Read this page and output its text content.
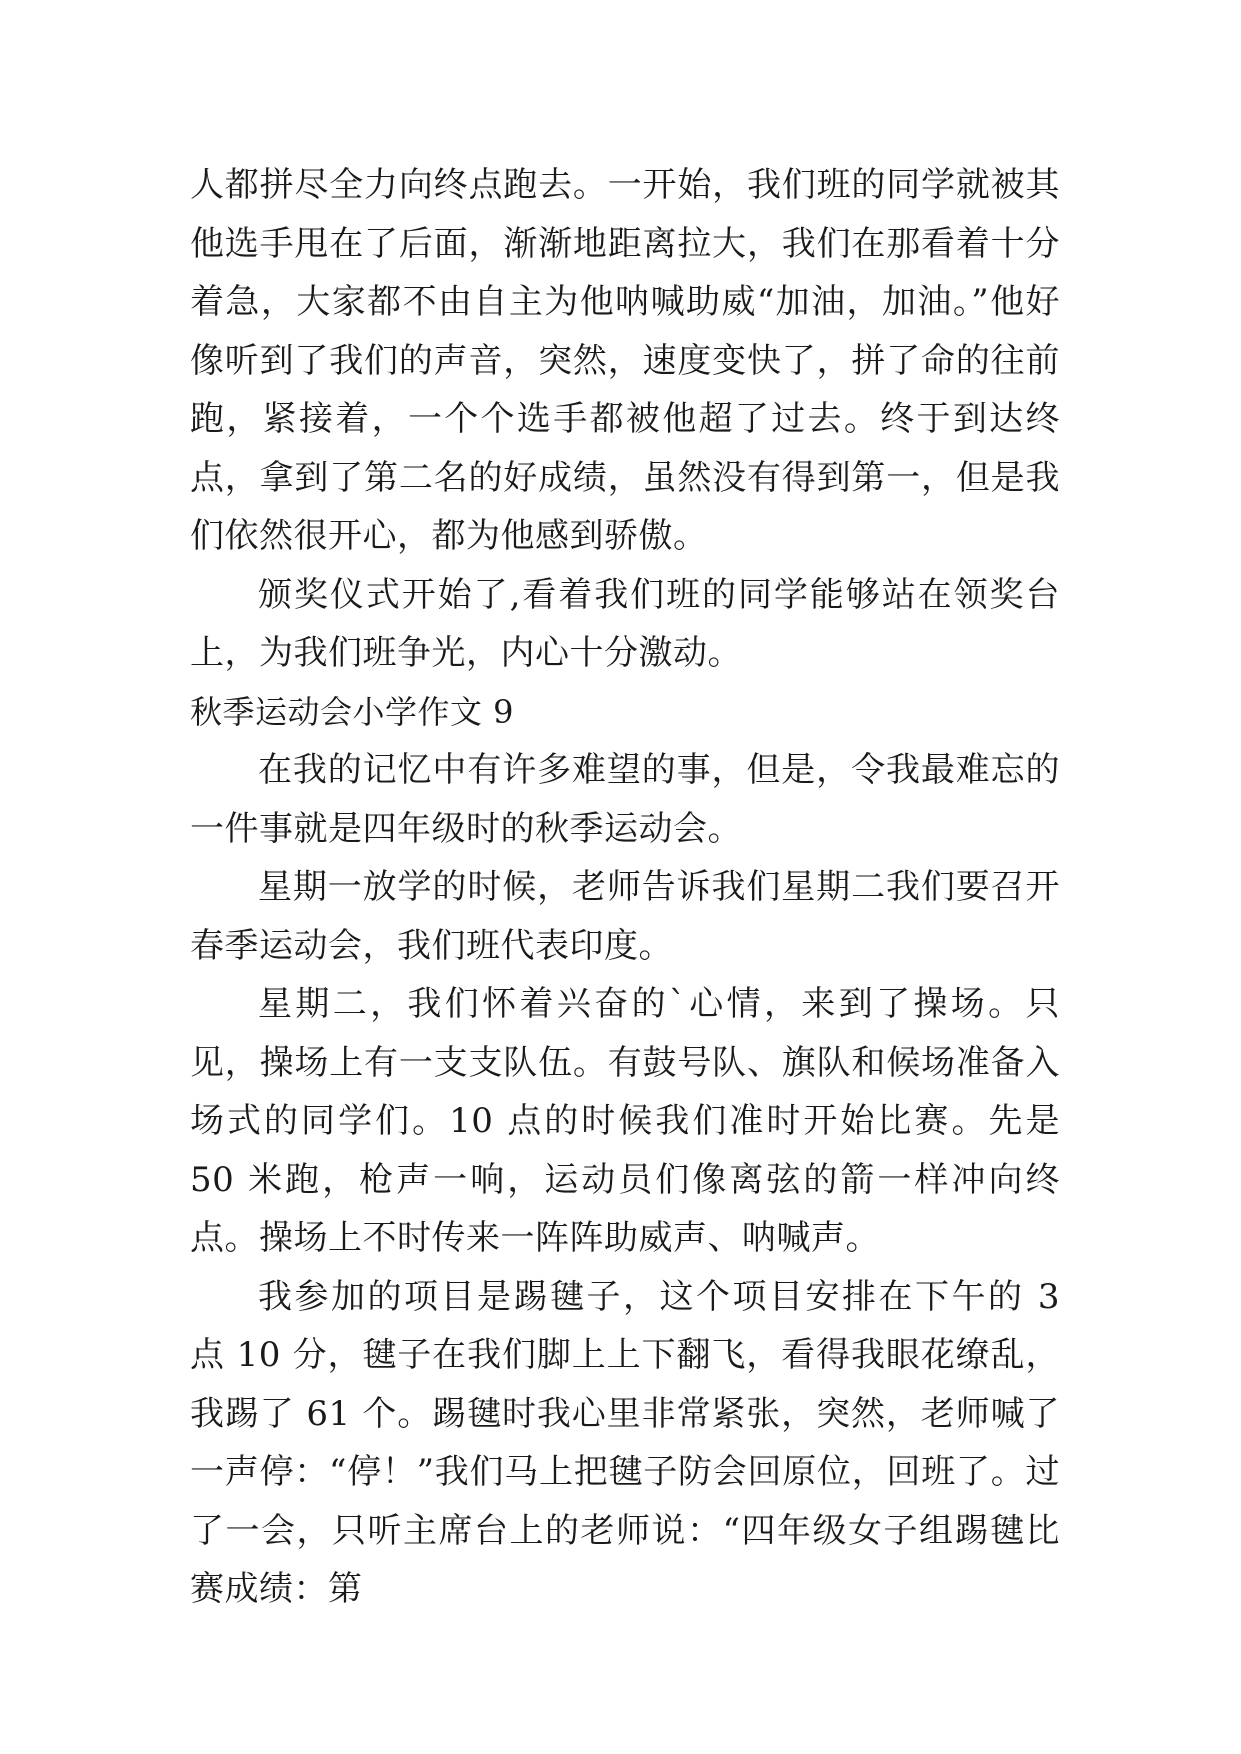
人都拼尽全力向终点跑去。一开始，我们班的同学就被其他选手甩在了后面，渐渐地距离拉大，我们在那看着十分着急，大家都不由自主为他呐喊助威“加油，加油。”他好像听到了我们的声音，突然，速度变快了，拼了命的往前跑，紧接着，一个个选手都被他超了过去。终于到达终点，拿到了第二名的好成绩，虽然没有得到第一，但是我们依然很开心，都为他感到骄傲。

颁奖仪式开始了,看着我们班的同学能够站在领奖台上，为我们班争光，内心十分激动。

秋季运动会小学作文 9

在我的记忆中有许多难望的事，但是，令我最难忘的一件事就是四年级时的秋季运动会。

星期一放学的时候，老师告诉我们星期二我们要召开春季运动会，我们班代表印度。

星期二，我们怀着兴奋的`心情，来到了操场。只见，操场上有一支支队伍。有鼓号队、旗队和候场准备入场式的同学们。10 点的时候我们准时开始比赛。先是 50 米跑，枪声一响，运动员们像离弦的箭一样冲向终点。操场上不时传来一阵阵助威声、呐喊声。

我参加的项目是踢毽子，这个项目安排在下午的 3 点 10 分，毽子在我们脚上上下翻飞，看得我眼花缭乱，我踢了 61 个。踢毽时我心里非常紧张，突然，老师喊了一声停：“停！”我们马上把毽子防会回原位，回班了。过了一会，只听主席台上的老师说：“四年级女子组踢毽比赛成绩：第
